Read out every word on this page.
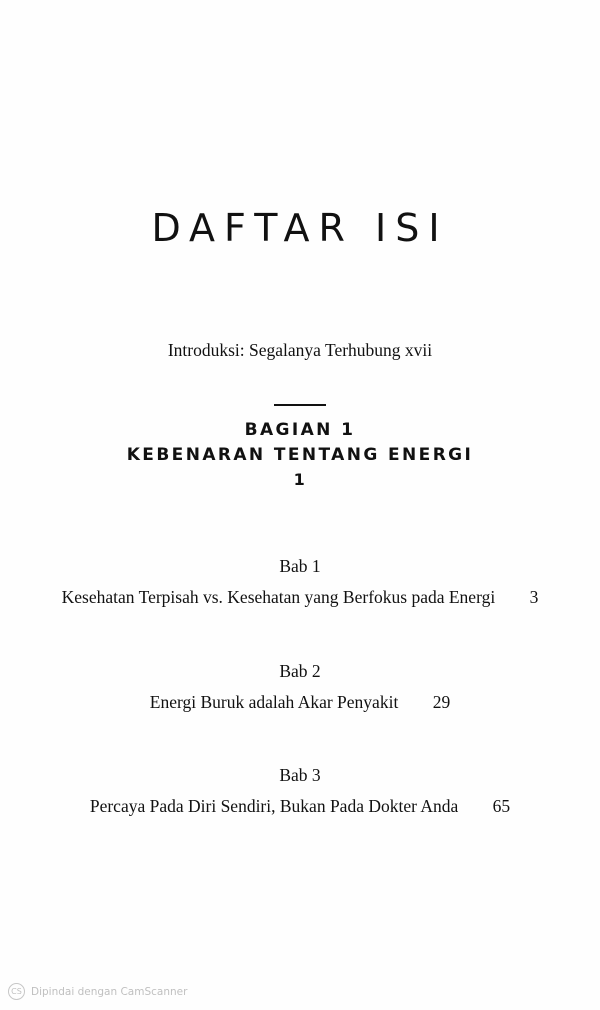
DAFTAR ISI
Introduksi: Segalanya Terhubung xvii
BAGIAN 1
KEBENARAN TENTANG ENERGI
1
Bab 1
Kesehatan Terpisah vs. Kesehatan yang Berfokus pada Energi 3
Bab 2
Energi Buruk adalah Akar Penyakit 29
Bab 3
Percaya Pada Diri Sendiri, Bukan Pada Dokter Anda 65
CS Dipindai dengan CamScanner
